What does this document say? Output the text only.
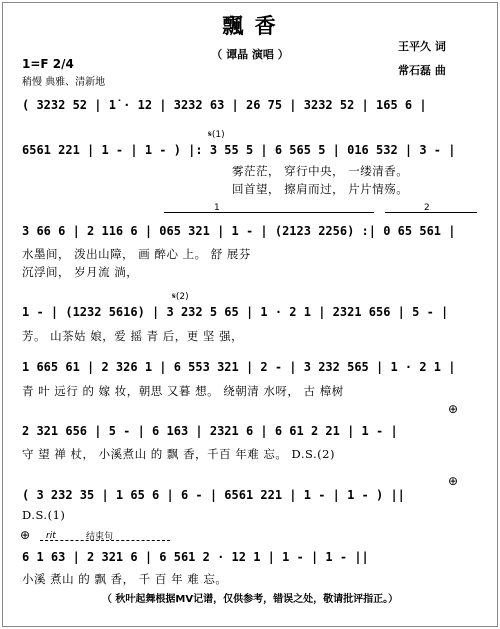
飄 香
（ 谭晶 演唱 ）
王平久 词
常石磊 曲
1=F 2/4
稍慢 典雅、清新地
( 3232 52 | 1̇ · 12 | 3232 63 | 26 75 | 3232 52 | 165 6 |
𝄋(1)
6561 221 | 1 - | 1 - ) |: 3 55 5 | 6 565 5 | 016 532 | 3 - |
雾茫茫， 穿行中央， 一缕清香。
回首望， 擦肩而过， 片片情殇。
1	2
3 66 6 | 2 116 6 | 065 321 | 1 - | (2123 2256) :| 0 65 561 |
水墨间， 泼出山障， 画 醉心 上。 舒 展芬
沉浮间， 岁月流 淌，
𝄋(2)
1 - | (1232 5616) | 3 232 5 65 | 1 · 2 1 | 2321 656 | 5 - |
芳。 山茶姑 娘，爱 摇 青 后，更 坚 强，
1 665 61 | 2 326 1 | 6 553 321 | 2 - | 3 232 565 | 1 · 2 1 |
青 叶 远行 的 嫁 妆，朝思 又暮 想。 绕朝清 水呀， 古 樟树
⊕
2 321 656 | 5 - | 6 163 | 2321 6 | 6 61 2 21 | 1 - |
守 望 禅 杖， 小溪煮山 的 飘 香，千百 年难 忘。 D.S.(2)
⊕
( 3 232 35 | 1 65 6 | 6 - | 6561 221 | 1 - | 1 - ) ||
D.S.(1)
rit	结束句
⊕
6 1 63 | 2 321 6 | 6 561 2 · 12 1 | 1 - | 1 - ||
小溪 煮山 的 飘 香， 千 百 年 难 忘。
（ 秋叶起舞根据MV记谱，仅供参考，错误之处，敬请批评指正。）
